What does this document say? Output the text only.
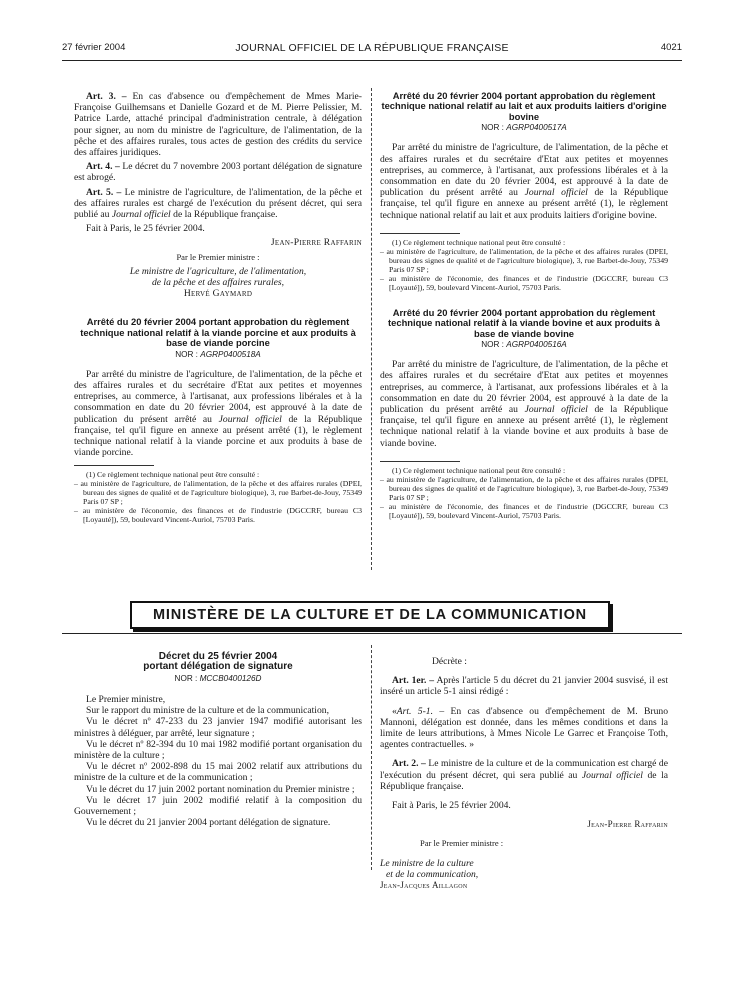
27 février 2004	JOURNAL OFFICIEL DE LA RÉPUBLIQUE FRANÇAISE	4021

Art. 3. – En cas d'absence ou d'empêchement de Mmes Marie-Françoise Guilhemsans et Danielle Gozard et de M. Pierre Pelissier, M. Patrice Larde, attaché principal d'administration centrale, à délégation pour signer, au nom du ministre de l'agriculture, de l'alimentation, de la pêche et des affaires rurales, tous actes de gestion des crédits du service des affaires juridiques.

Art. 4. – Le décret du 7 novembre 2003 portant délégation de signature est abrogé.

Art. 5. – Le ministre de l'agriculture, de l'alimentation, de la pêche et des affaires rurales est chargé de l'exécution du présent décret, qui sera publié au Journal officiel de la République française.

Fait à Paris, le 25 février 2004.

Jean-Pierre Raffarin

Par le Premier ministre :

Le ministre de l'agriculture, de l'alimentation,

de la pêche et des affaires rurales,

Hervé Gaymard

Arrêté du 20 février 2004 portant approbation du règlement technique national relatif à la viande porcine et aux produits à base de viande porcine

NOR : AGRP0400518A

Par arrêté du ministre de l'agriculture, de l'alimentation, de la pêche et des affaires rurales et du secrétaire d'Etat aux petites et moyennes entreprises, au commerce, à l'artisanat, aux professions libérales et à la consommation en date du 20 février 2004, est approuvé à la date de publication du présent arrêté au Journal officiel de la République française, tel qu'il figure en annexe au présent arrêté (1), le règlement technique national relatif à la viande porcine et aux produits à base de viande porcine.

(1) Ce règlement technique national peut être consulté :

– au ministère de l'agriculture, de l'alimentation, de la pêche et des affaires rurales (DPEI, bureau des signes de qualité et de l'agriculture biologique), 3, rue Barbet-de-Jouy, 75349 Paris 07 SP ;

– au ministère de l'économie, des finances et de l'industrie (DGCCRF, bureau C3 [Loyauté]), 59, boulevard Vincent-Auriol, 75703 Paris.

Arrêté du 20 février 2004 portant approbation du règlement technique national relatif au lait et aux produits laitiers d'origine bovine

NOR : AGRP0400517A

Par arrêté du ministre de l'agriculture, de l'alimentation, de la pêche et des affaires rurales et du secrétaire d'Etat aux petites et moyennes entreprises, au commerce, à l'artisanat, aux professions libérales et à la consommation en date du 20 février 2004, est approuvé à la date de publication du présent arrêté au Journal officiel de la République française, tel qu'il figure en annexe au présent arrêté (1), le règlement technique national relatif au lait et aux produits laitiers d'origine bovine.

(1) Ce règlement technique national peut être consulté :

– au ministère de l'agriculture, de l'alimentation, de la pêche et des affaires rurales (DPEI, bureau des signes de qualité et de l'agriculture biologique), 3, rue Barbet-de-Jouy, 75349 Paris 07 SP ;

– au ministère de l'économie, des finances et de l'industrie (DGCCRF, bureau C3 [Loyauté]), 59, boulevard Vincent-Auriol, 75703 Paris.

Arrêté du 20 février 2004 portant approbation du règlement technique national relatif à la viande bovine et aux produits à base de viande bovine

NOR : AGRP0400516A

Par arrêté du ministre de l'agriculture, de l'alimentation, de la pêche et des affaires rurales et du secrétaire d'Etat aux petites et moyennes entreprises, au commerce, à l'artisanat, aux professions libérales et à la consommation en date du 20 février 2004, est approuvé à la date de la publication du présent arrêté au Journal officiel de la République française, tel qu'il figure en annexe au présent arrêté (1), le règlement technique national relatif à la viande bovine et aux produits à base de viande bovine.

(1) Ce règlement technique national peut être consulté :

– au ministère de l'agriculture, de l'alimentation, de la pêche et des affaires rurales (DPEI, bureau des signes de qualité et de l'agriculture biologique), 3, rue Barbet-de-Jouy, 75349 Paris 07 SP ;

– au ministère de l'économie, des finances et de l'industrie (DGCCRF, bureau C3 [Loyauté]), 59, boulevard Vincent-Auriol, 75703 Paris.

MINISTÈRE DE LA CULTURE ET DE LA COMMUNICATION

Décret du 25 février 2004

portant délégation de signature

NOR : MCCB0400126D

Le Premier ministre,

Sur le rapport du ministre de la culture et de la communication,

Vu le décret nº 47-233 du 23 janvier 1947 modifié autorisant les ministres à déléguer, par arrêté, leur signature ;

Vu le décret nº 82-394 du 10 mai 1982 modifié portant organisation du ministère de la culture ;

Vu le décret nº 2002-898 du 15 mai 2002 relatif aux attributions du ministre de la culture et de la communication ;

Vu le décret du 17 juin 2002 portant nomination du Premier ministre ;

Vu le décret 17 juin 2002 modifié relatif à la composition du Gouvernement ;

Vu le décret du 21 janvier 2004 portant délégation de signature.

Décrète :

Art. 1er. – Après l'article 5 du décret du 21 janvier 2004 susvisé, il est inséré un article 5-1 ainsi rédigé :

«Art. 5-1. – En cas d'absence ou d'empêchement de M. Bruno Mannoni, délégation est donnée, dans les mêmes conditions et dans la limite de leurs attributions, à Mmes Nicole Le Garrec et Françoise Toth, agentes contractuelles. »

Art. 2. – Le ministre de la culture et de la communication est chargé de l'exécution du présent décret, qui sera publié au Journal officiel de la République française.

Fait à Paris, le 25 février 2004.

Jean-Pierre Raffarin

Par le Premier ministre :

Le ministre de la culture

et de la communication,

Jean-Jacques Aillagon
